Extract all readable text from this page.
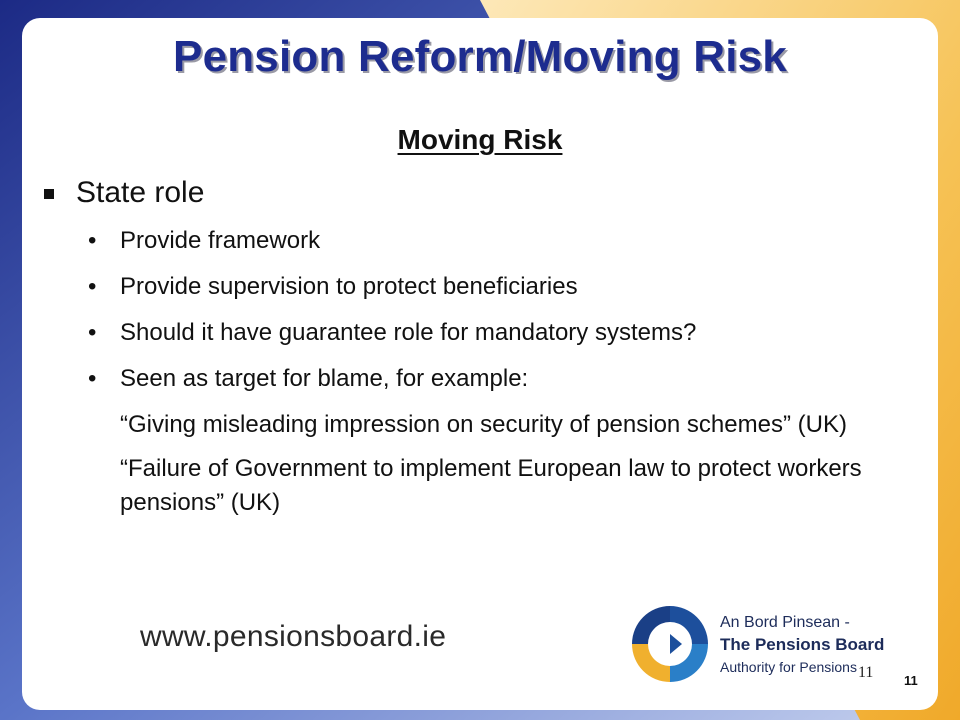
Pension Reform/Moving Risk
Moving Risk
State role
• Provide framework
• Provide supervision to protect beneficiaries
• Should it have guarantee role for mandatory systems?
• Seen as target for blame, for example:
“Giving misleading impression on security of pension schemes” (UK)
“Failure of Government to implement European law to protect workers pensions” (UK)
www.pensionsboard.ie	An Bord Pinsean -
The Pensions Board
Authority for Pensions 11 11
